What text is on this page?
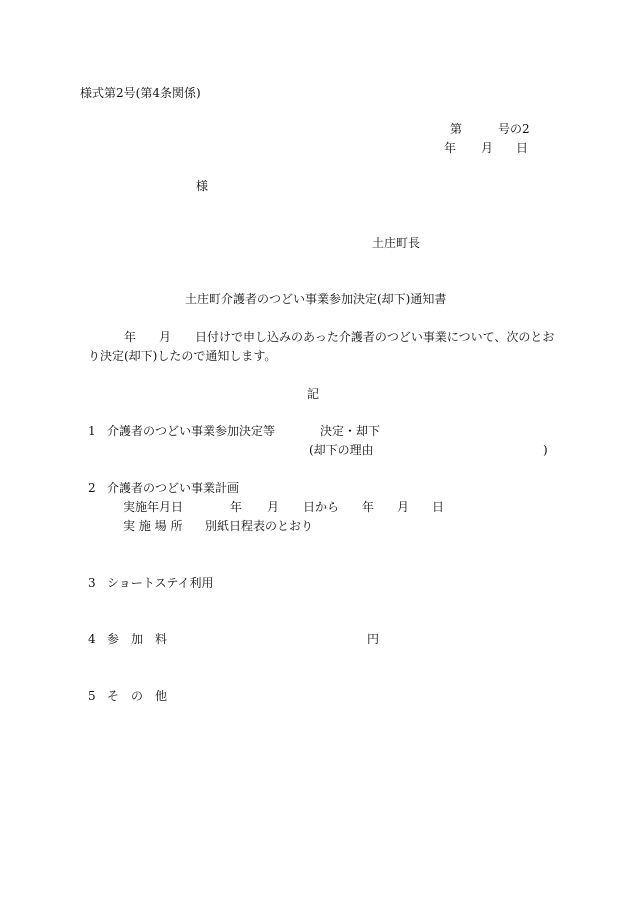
様式第2号(第4条関係)
第	号の2
年 月 日
様
土庄町長
土庄町介護者のつどい事業参加決定(却下)通知書
年 月 日付けで申し込みのあった介護者のつどい事業について、次のとお
り決定(却下)したので通知します。
記
1 介護者のつどい事業参加決定等	決定・却下
(却下の理由	)
2 介護者のつどい事業計画
実施年月日	年 月 日から 年 月 日
実 施 場 所 別紙日程表のとおり
3 ショートステイ利用
4 参　加　料	円
5 そ　の　他
